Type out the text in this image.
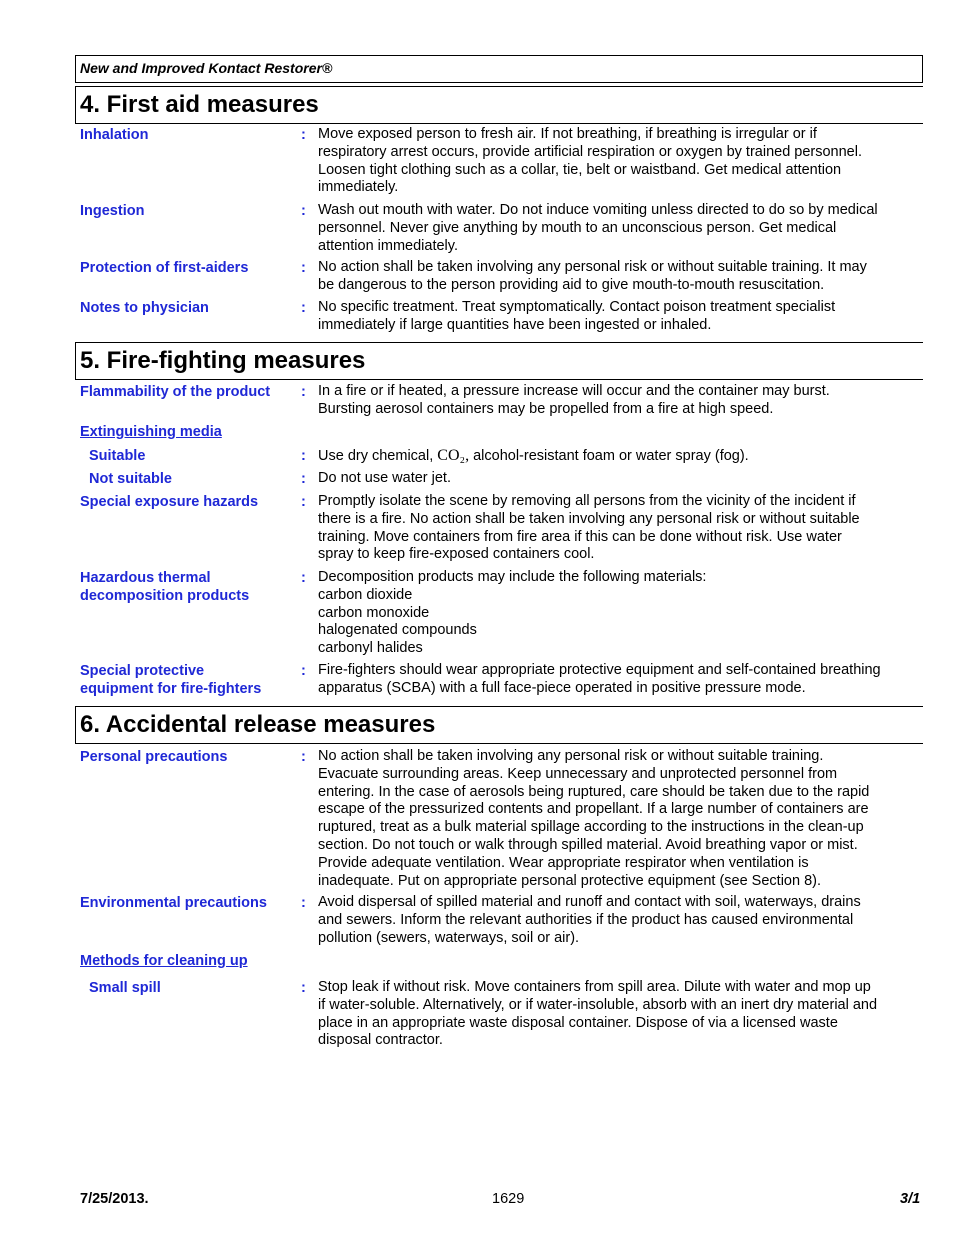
New and Improved Kontact Restorer®
4. First aid measures
Inhalation	: Move exposed person to fresh air. If not breathing, if breathing is irregular or if
respiratory arrest occurs, provide artificial respiration or oxygen by trained personnel.
Loosen tight clothing such as a collar, tie, belt or waistband. Get medical attention
immediately.
Ingestion	: Wash out mouth with water. Do not induce vomiting unless directed to do so by medical
personnel. Never give anything by mouth to an unconscious person. Get medical
attention immediately.
Protection of first-aiders	: No action shall be taken involving any personal risk or without suitable training. It may
be dangerous to the person providing aid to give mouth-to-mouth resuscitation.
Notes to physician	: No specific treatment. Treat symptomatically. Contact poison treatment specialist
immediately if large quantities have been ingested or inhaled.
5. Fire-fighting measures
Flammability of the product	: In a fire or if heated, a pressure increase will occur and the container may burst.
Bursting aerosol containers may be propelled from a fire at high speed.
Extinguishing media
Suitable	: Use dry chemical, CO₂, alcohol-resistant foam or water spray (fog).
Not suitable	: Do not use water jet.
Special exposure hazards	: Promptly isolate the scene by removing all persons from the vicinity of the incident if
there is a fire. No action shall be taken involving any personal risk or without suitable
training. Move containers from fire area if this can be done without risk. Use water
spray to keep fire-exposed containers cool.
Hazardous thermal
decomposition products
: Decomposition products may include the following materials:
carbon dioxide
carbon monoxide
halogenated compounds
carbonyl halides
Special protective
equipment for fire-fighters
: Fire-fighters should wear appropriate protective equipment and self-contained breathing
apparatus (SCBA) with a full face-piece operated in positive pressure mode.
6. Accidental release measures
Personal precautions	: No action shall be taken involving any personal risk or without suitable training.
Evacuate surrounding areas. Keep unnecessary and unprotected personnel from
entering. In the case of aerosols being ruptured, care should be taken due to the rapid
escape of the pressurized contents and propellant. If a large number of containers are
ruptured, treat as a bulk material spillage according to the instructions in the clean-up
section. Do not touch or walk through spilled material. Avoid breathing vapor or mist.
Provide adequate ventilation. Wear appropriate respirator when ventilation is
inadequate. Put on appropriate personal protective equipment (see Section 8).
Environmental precautions	: Avoid dispersal of spilled material and runoff and contact with soil, waterways, drains
and sewers. Inform the relevant authorities if the product has caused environmental
pollution (sewers, waterways, soil or air).
Methods for cleaning up
Small spill	: Stop leak if without risk. Move containers from spill area. Dilute with water and mop up
if water-soluble. Alternatively, or if water-insoluble, absorb with an inert dry material and
place in an appropriate waste disposal container. Dispose of via a licensed waste
disposal contractor.
7/25/2013.	1629	3/1
